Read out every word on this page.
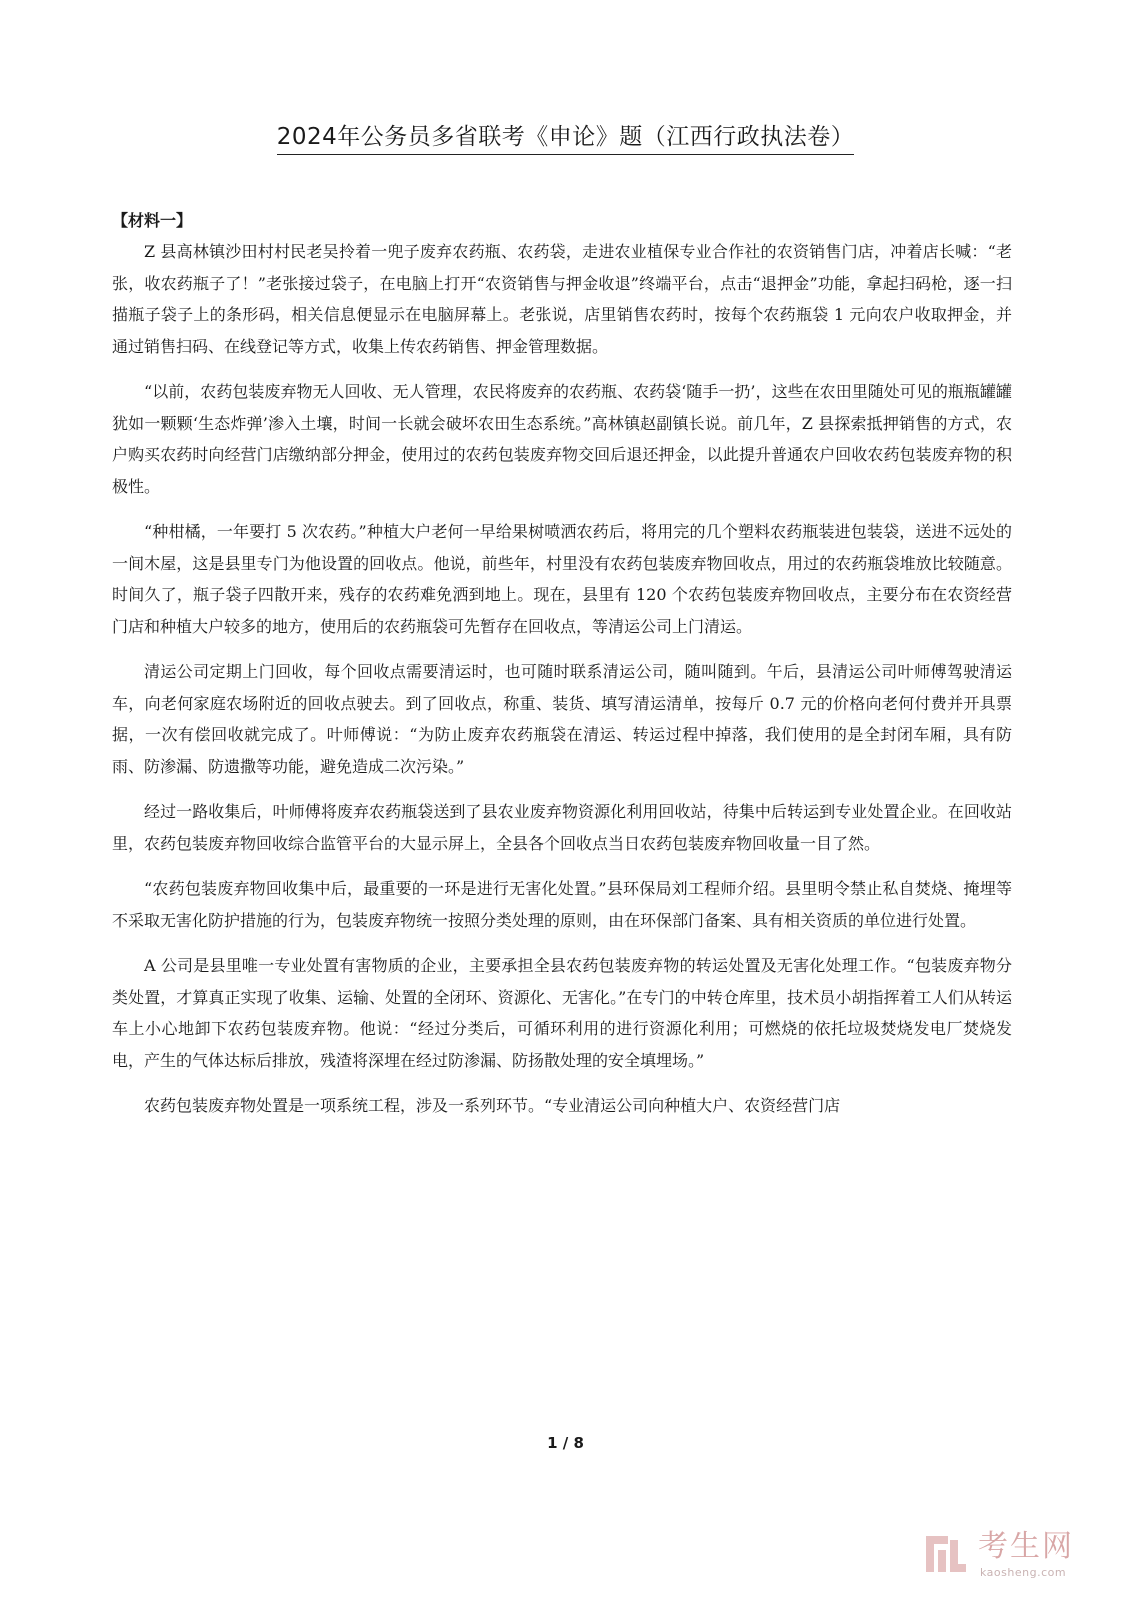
2024年公务员多省联考《申论》题（江西行政执法卷）

【材料一】

Z 县高林镇沙田村村民老吴拎着一兜子废弃农药瓶、农药袋，走进农业植保专业合作社的农资销售门店，冲着店长喊：“老张，收农药瓶子了！”老张接过袋子，在电脑上打开“农资销售与押金收退”终端平台，点击“退押金”功能，拿起扫码枪，逐一扫描瓶子袋子上的条形码，相关信息便显示在电脑屏幕上。老张说，店里销售农药时，按每个农药瓶袋 1 元向农户收取押金，并通过销售扫码、在线登记等方式，收集上传农药销售、押金管理数据。

“以前，农药包装废弃物无人回收、无人管理，农民将废弃的农药瓶、农药袋‘随手一扔’，这些在农田里随处可见的瓶瓶罐罐犹如一颗颗‘生态炸弹’渗入土壤，时间一长就会破坏农田生态系统。”高林镇赵副镇长说。前几年，Z 县探索抵押销售的方式，农户购买农药时向经营门店缴纳部分押金，使用过的农药包装废弃物交回后退还押金，以此提升普通农户回收农药包装废弃物的积极性。

“种柑橘，一年要打 5 次农药。”种植大户老何一早给果树喷洒农药后，将用完的几个塑料农药瓶装进包装袋，送进不远处的一间木屋，这是县里专门为他设置的回收点。他说，前些年，村里没有农药包装废弃物回收点，用过的农药瓶袋堆放比较随意。时间久了，瓶子袋子四散开来，残存的农药难免洒到地上。现在，县里有 120 个农药包装废弃物回收点，主要分布在农资经营门店和种植大户较多的地方，使用后的农药瓶袋可先暂存在回收点，等清运公司上门清运。

清运公司定期上门回收，每个回收点需要清运时，也可随时联系清运公司，随叫随到。午后，县清运公司叶师傅驾驶清运车，向老何家庭农场附近的回收点驶去。到了回收点，称重、装货、填写清运清单，按每斤 0.7 元的价格向老何付费并开具票据，一次有偿回收就完成了。叶师傅说：“为防止废弃农药瓶袋在清运、转运过程中掉落，我们使用的是全封闭车厢，具有防雨、防渗漏、防遗撒等功能，避免造成二次污染。”

经过一路收集后，叶师傅将废弃农药瓶袋送到了县农业废弃物资源化利用回收站，待集中后转运到专业处置企业。在回收站里，农药包装废弃物回收综合监管平台的大显示屏上，全县各个回收点当日农药包装废弃物回收量一目了然。

“农药包装废弃物回收集中后，最重要的一环是进行无害化处置。”县环保局刘工程师介绍。县里明令禁止私自焚烧、掩埋等不采取无害化防护措施的行为，包装废弃物统一按照分类处理的原则，由在环保部门备案、具有相关资质的单位进行处置。

A 公司是县里唯一专业处置有害物质的企业，主要承担全县农药包装废弃物的转运处置及无害化处理工作。“包装废弃物分类处置，才算真正实现了收集、运输、处置的全闭环、资源化、无害化。”在专门的中转仓库里，技术员小胡指挥着工人们从转运车上小心地卸下农药包装废弃物。他说：“经过分类后，可循环利用的进行资源化利用；可燃烧的依托垃圾焚烧发电厂焚烧发电，产生的气体达标后排放，残渣将深埋在经过防渗漏、防扬散处理的安全填埋场。”

农药包装废弃物处置是一项系统工程，涉及一系列环节。“专业清运公司向种植大户、农资经营门店

1 / 8
考生网
kaosheng.com
